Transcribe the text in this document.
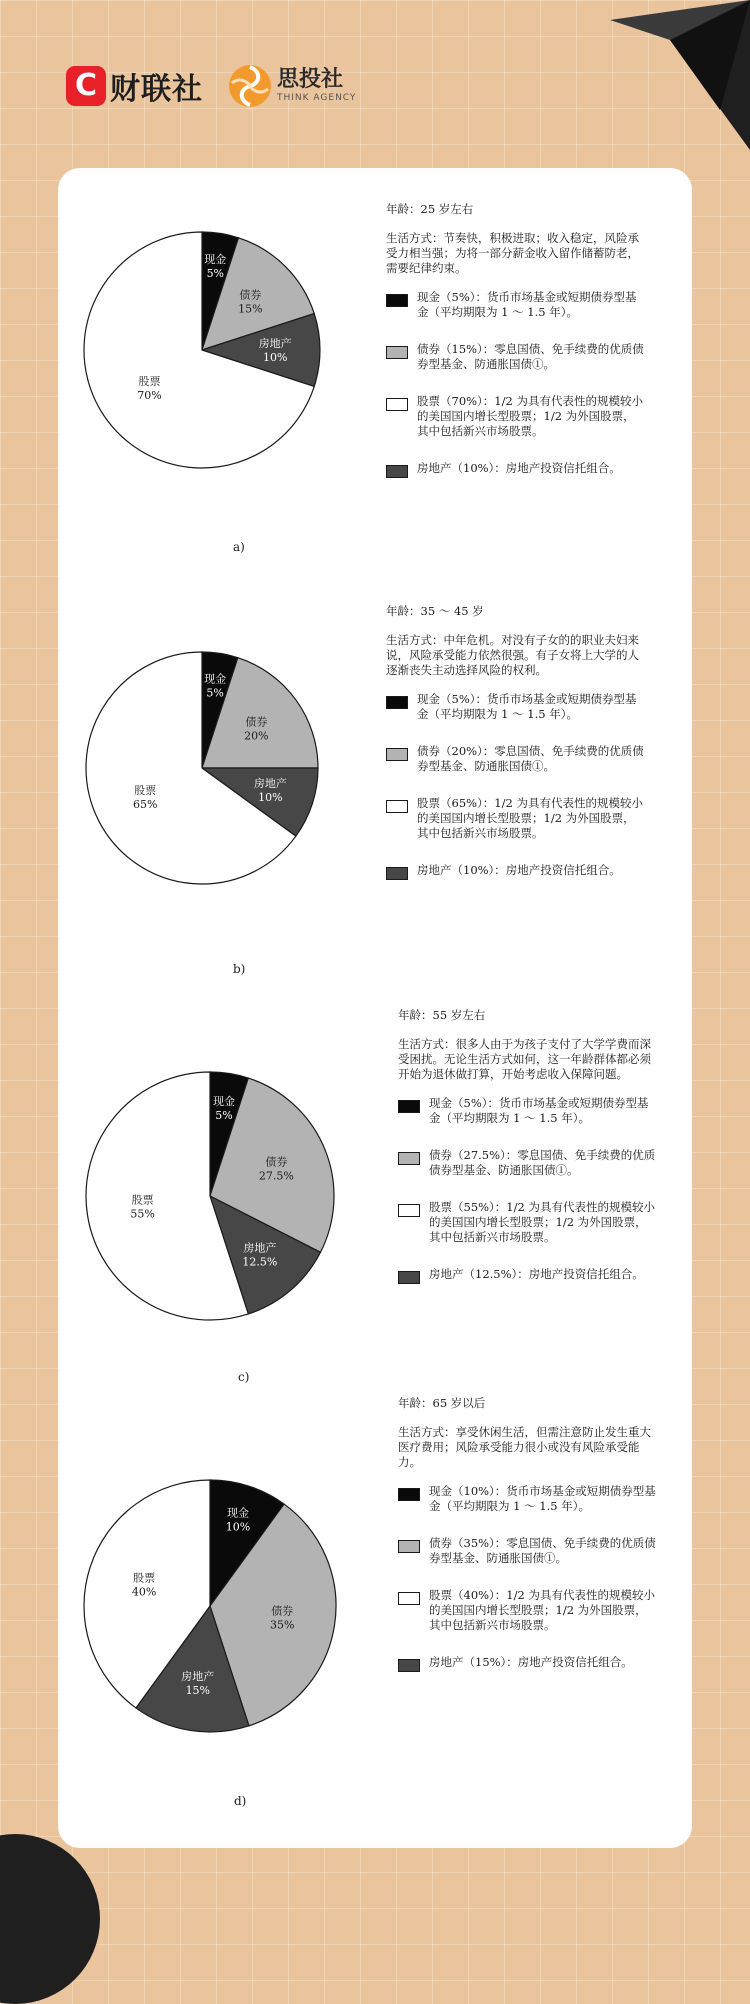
C 财联社	思投社
THINK AGENCY
现金
5%
债券
15%
房地产
10%
股票
70%
a)
年龄：25 岁左右
生活方式：节奏快，积极进取；收入稳定，风险承受力相当强；为将一部分薪金收入留作储蓄防老，需要纪律约束。
现金（5%）：货币市场基金或短期债券型基金（平均期限为 1 ～ 1.5 年）。
债券（15%）：零息国债、免手续费的优质债券型基金、防通胀国债①。
股票（70%）：1/2 为具有代表性的规模较小的美国国内增长型股票；1/2 为外国股票，其中包括新兴市场股票。
房地产（10%）：房地产投资信托组合。
现金
5%
债券
20%
房地产
10%
股票
65%
b)
年龄：35 ～ 45 岁
生活方式：中年危机。对没有子女的的职业夫妇来说，风险承受能力依然很强。有子女将上大学的人逐渐丧失主动选择风险的权利。
现金（5%）：货币市场基金或短期债券型基金（平均期限为 1 ～ 1.5 年）。
债券（20%）：零息国债、免手续费的优质债券型基金、防通胀国债①。
股票（65%）：1/2 为具有代表性的规模较小的美国国内增长型股票；1/2 为外国股票，其中包括新兴市场股票。
房地产（10%）：房地产投资信托组合。
现金
5%
债券
27.5%
房地产
12.5%
股票
55%
c)
年龄：55 岁左右
生活方式：很多人由于为孩子支付了大学学费而深受困扰。无论生活方式如何，这一年龄群体都必须开始为退休做打算，开始考虑收入保障问题。
现金（5%）：货币市场基金或短期债券型基金（平均期限为 1 ～ 1.5 年）。
债券（27.5%）：零息国债、免手续费的优质债券型基金、防通胀国债①。
股票（55%）：1/2 为具有代表性的规模较小的美国国内增长型股票；1/2 为外国股票，其中包括新兴市场股票。
房地产（12.5%）：房地产投资信托组合。
现金
10%
债券
35%
房地产
15%
股票
40%
d)
年龄：65 岁以后
生活方式：享受休闲生活，但需注意防止发生重大医疗费用；风险承受能力很小或没有风险承受能力。
现金（10%）：货币市场基金或短期债券型基金（平均期限为 1 ～ 1.5 年）。
债券（35%）：零息国债、免手续费的优质债券型基金、防通胀国债①。
股票（40%）：1/2 为具有代表性的规模较小的美国国内增长型股票；1/2 为外国股票，其中包括新兴市场股票。
房地产（15%）：房地产投资信托组合。
